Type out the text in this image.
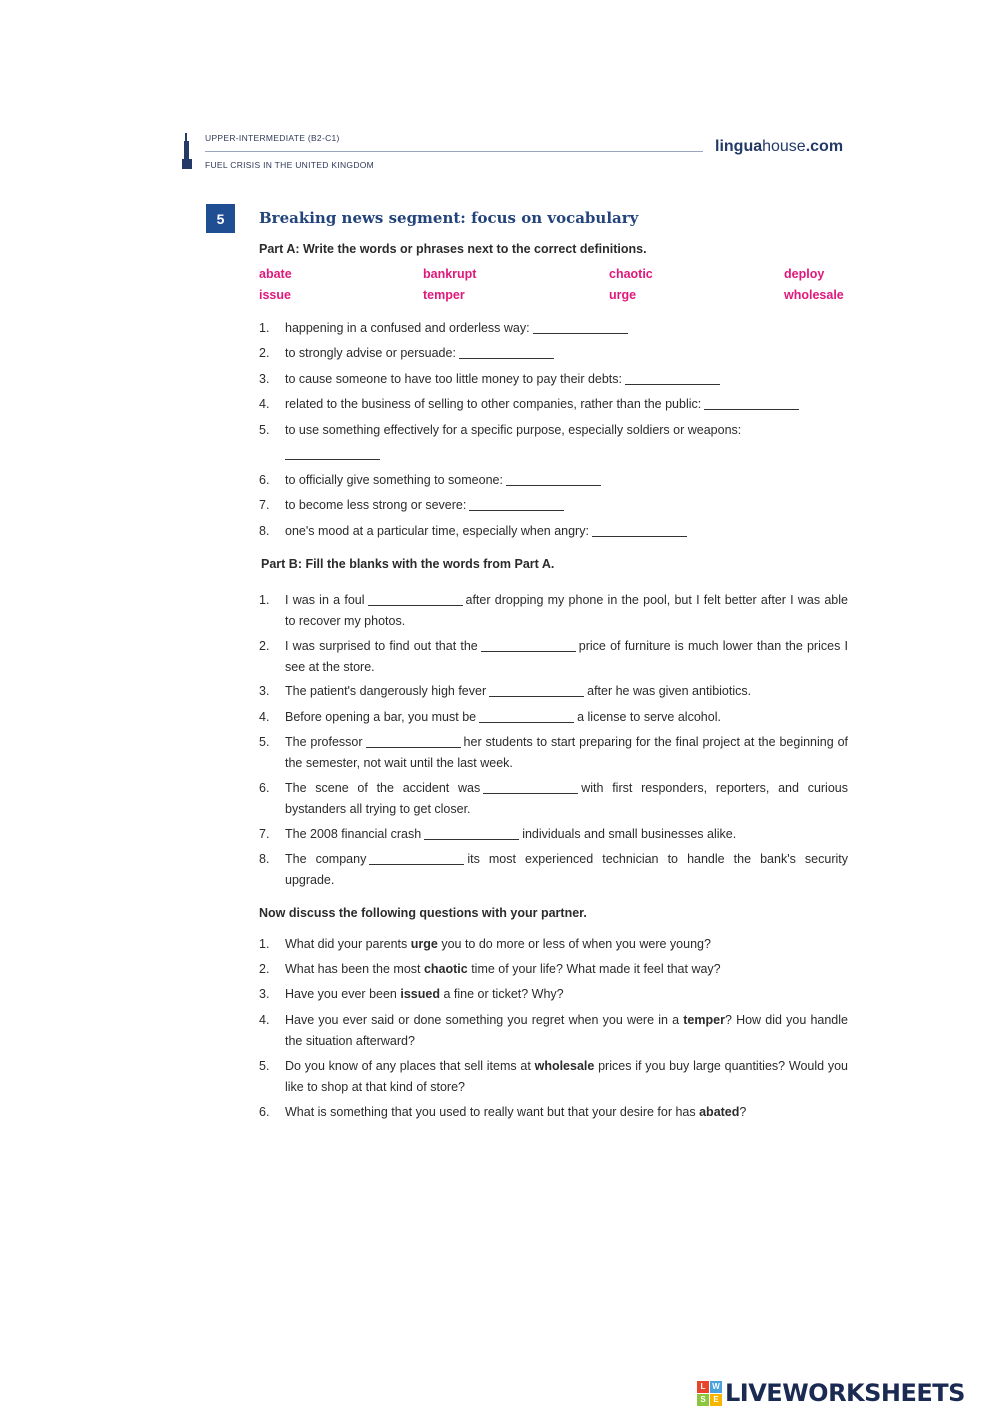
UPPER-INTERMEDIATE (B2-C1)
FUEL CRISIS IN THE UNITED KINGDOM
linguahouse.com
5	Breaking news segment: focus on vocabulary
Part A: Write the words or phrases next to the correct definitions.
abate	bankrupt	chaotic	deploy
issue	temper	urge	wholesale
1.	happening in a confused and orderless way:
2.	to strongly advise or persuade:
3.	to cause someone to have too little money to pay their debts:
4.	related to the business of selling to other companies, rather than the public:
5.	to use something effectively for a specific purpose, especially soldiers or weapons:
6.	to officially give something to someone:
7.	to become less strong or severe:
8.	one's mood at a particular time, especially when angry:
Part B: Fill the blanks with the words from Part A.
1.	I was in a foul	after dropping my phone in the pool, but I felt better after I was able to recover my photos.
2.	I was surprised to find out that the	price of furniture is much lower than the prices I see at the store.
3.	The patient's dangerously high fever	after he was given antibiotics.
4.	Before opening a bar, you must be	a license to serve alcohol.
5.	The professor	her students to start preparing for the final project at the beginning of the semester, not wait until the last week.
6.	The scene of the accident was	with first responders, reporters, and curious bystanders all trying to get closer.
7.	The 2008 financial crash	individuals and small businesses alike.
8.	The company	its most experienced technician to handle the bank's security upgrade.
Now discuss the following questions with your partner.
1.	What did your parents urge you to do more or less of when you were young?
2.	What has been the most chaotic time of your life? What made it feel that way?
3.	Have you ever been issued a fine or ticket? Why?
4.	Have you ever said or done something you regret when you were in a temper? How did you handle the situation afterward?
5.	Do you know of any places that sell items at wholesale prices if you buy large quantities? Would you like to shop at that kind of store?
6.	What is something that you used to really want but that your desire for has abated?
L W
S E LIVEWORKSHEETS
